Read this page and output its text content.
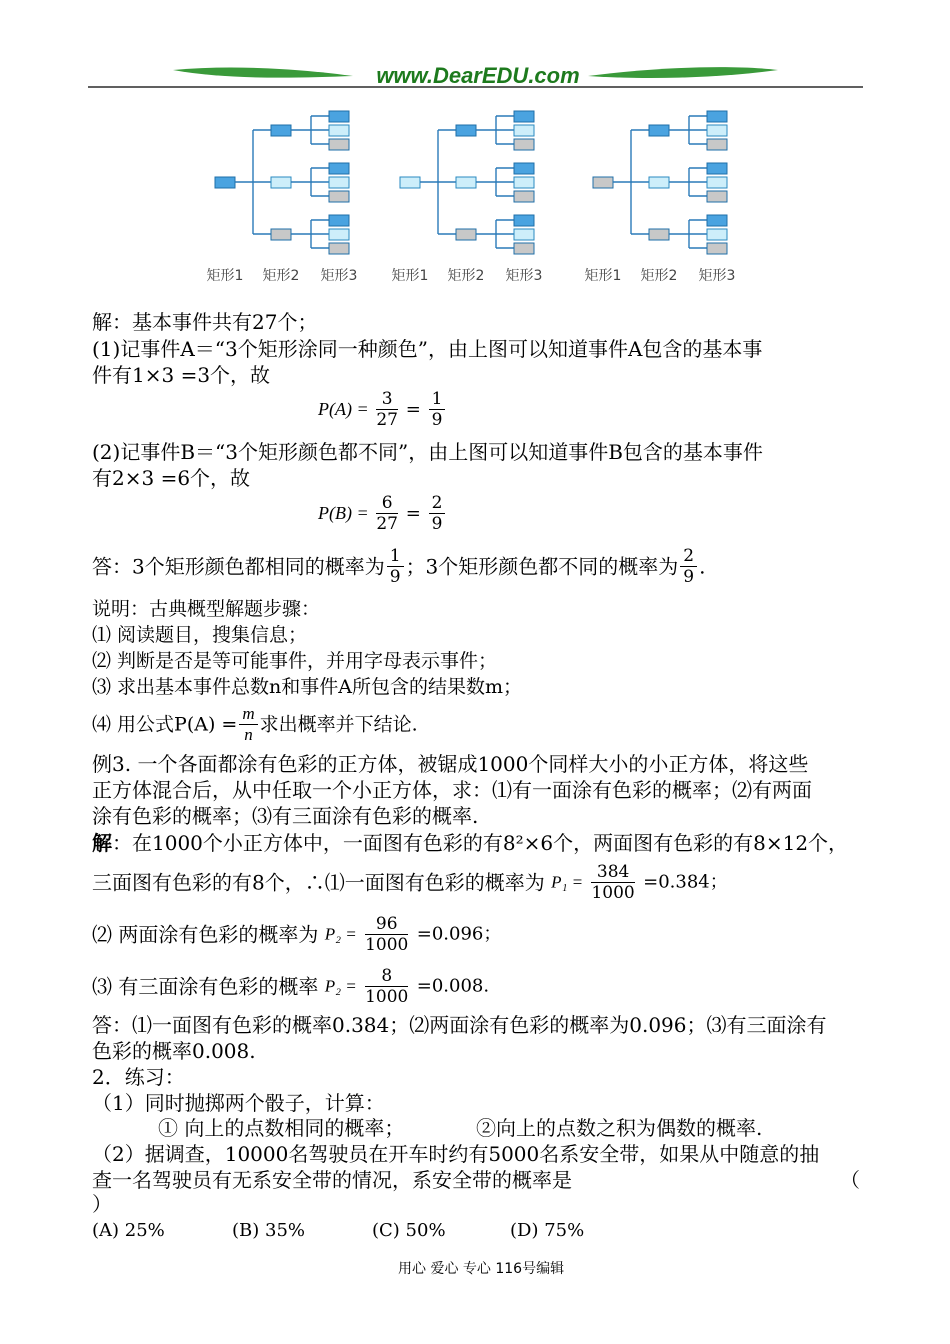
www.DearEDU.com
矩形1 矩形2 矩形3 矩形1 矩形2 矩形3	矩形1 矩形2 矩形3
解：基本事件共有27个；
(1)记事件A＝“3个矩形涂同一种颜色”，由上图可以知道事件A包含的基本事
件有1×3 =3个，故
$P(A) = \frac{3}{27} = \frac{1}{9}$
(2)记事件B＝“3个矩形颜色都不同”，由上图可以知道事件B包含的基本事件
有2×3 =6个，故
$P(B) = \frac{6}{27} = \frac{2}{9}$
答：3个矩形颜色都相同的概率为 $\frac{1}{9}$ ；3个矩形颜色都不同的概率为 $\frac{2}{9}$ .
说明：古典概型解题步骤：
⑴ 阅读题目，搜集信息；
⑵ 判断是否是等可能事件，并用字母表示事件；
⑶ 求出基本事件总数n和事件A所包含的结果数m；
⑷ 用公式$P(A) = \frac{m}{n}$ 求出概率并下结论.
例3. 一个各面都涂有色彩的正方体，被锯成1000个同样大小的小正方体，将这些
正方体混合后，从中任取一个小正方体，求：⑴有一面涂有色彩的概率；⑵有两面
涂有色彩的概率；⑶有三面涂有色彩的概率.
解：在1000个小正方体中，一面图有色彩的有8²×6个，两面图有色彩的有8×12个，
三面图有色彩的有8个，∴⑴一面图有色彩的概率为 $P_1 = \frac{384}{1000} =0.384$；
⑵ 两面涂有色彩的概率为 $P_2 = \frac{96}{1000} =0.096$；
⑶ 有三面涂有色彩的概率 $P_2 = \frac{8}{1000} =0.008$.
答：⑴一面图有色彩的概率0.384；⑵两面涂有色彩的概率为0.096；⑶有三面涂有
色彩的概率0.008.
2．练习：
（1）同时抛掷两个骰子，计算：
① 向上的点数相同的概率；	②向上的点数之积为偶数的概率.
（2）据调查，10000名驾驶员在开车时约有5000名系安全带，如果从中随意的抽
查一名驾驶员有无系安全带的情况，系安全带的概率是	（
）
(A) 25%	(B) 35%	(C) 50%	(D) 75%
用心 爱心 专心 116号编辑
